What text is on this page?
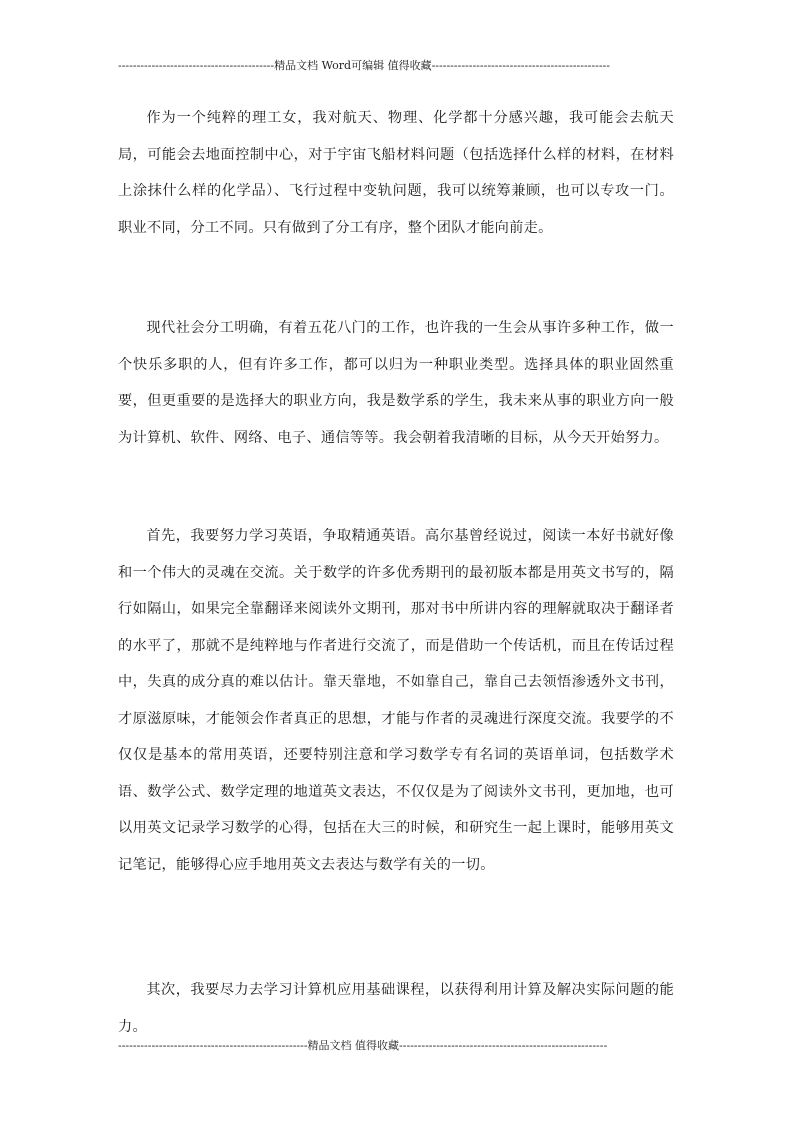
------------------------------------------精品文档 Word可编辑 值得收藏------------------------------------------------

作为一个纯粹的理工女，我对航天、物理、化学都十分感兴趣，我可能会去航天局，可能会去地面控制中心，对于宇宙飞船材料问题（包括选择什么样的材料，在材料上涂抹什么样的化学品）、飞行过程中变轨问题，我可以统筹兼顾，也可以专攻一门。职业不同，分工不同。只有做到了分工有序，整个团队才能向前走。

现代社会分工明确，有着五花八门的工作，也许我的一生会从事许多种工作，做一个快乐多职的人，但有许多工作，都可以归为一种职业类型。选择具体的职业固然重要，但更重要的是选择大的职业方向，我是数学系的学生，我未来从事的职业方向一般为计算机、软件、网络、电子、通信等等。我会朝着我清晰的目标，从今天开始努力。

首先，我要努力学习英语，争取精通英语。高尔基曾经说过，阅读一本好书就好像和一个伟大的灵魂在交流。关于数学的许多优秀期刊的最初版本都是用英文书写的，隔行如隔山，如果完全靠翻译来阅读外文期刊，那对书中所讲内容的理解就取决于翻译者的水平了，那就不是纯粹地与作者进行交流了，而是借助一个传话机，而且在传话过程中，失真的成分真的难以估计。靠天靠地，不如靠自己，靠自己去领悟渗透外文书刊，才原滋原味，才能领会作者真正的思想，才能与作者的灵魂进行深度交流。我要学的不仅仅是基本的常用英语，还要特别注意和学习数学专有名词的英语单词，包括数学术语、数学公式、数学定理的地道英文表达，不仅仅是为了阅读外文书刊，更加地，也可以用英文记录学习数学的心得，包括在大三的时候，和研究生一起上课时，能够用英文记笔记，能够得心应手地用英文去表达与数学有关的一切。

其次，我要尽力去学习计算机应用基础课程，以获得利用计算及解决实际问题的能力。

---------------------------------------------------精品文档 值得收藏--------------------------------------------------------
